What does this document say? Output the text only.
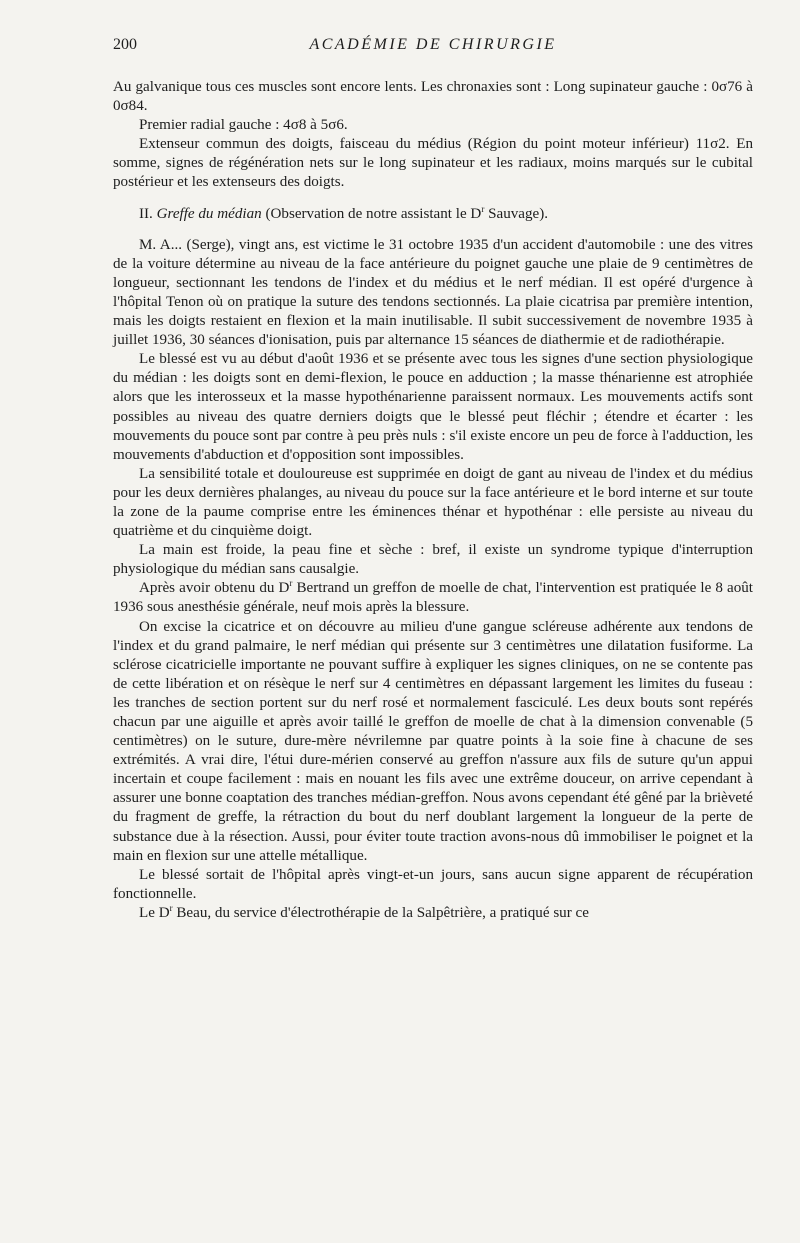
200	ACADÉMIE DE CHIRURGIE

Au galvanique tous ces muscles sont encore lents. Les chronaxies sont : Long supinateur gauche : 0σ76 à 0σ84.

Premier radial gauche : 4σ8 à 5σ6.

Extenseur commun des doigts, faisceau du médius (Région du point moteur inférieur) 11σ2. En somme, signes de régénération nets sur le long supinateur et les radiaux, moins marqués sur le cubital postérieur et les extenseurs des doigts.

II. Greffe du médian (Observation de notre assistant le $D^r$ Sauvage).

M. A... (Serge), vingt ans, est victime le 31 octobre 1935 d'un accident d'automobile : une des vitres de la voiture détermine au niveau de la face antérieure du poignet gauche une plaie de 9 centimètres de longueur, sectionnant les tendons de l'index et du médius et le nerf médian. Il est opéré d'urgence à l'hôpital Tenon où on pratique la suture des tendons sectionnés. La plaie cicatrisa par première intention, mais les doigts restaient en flexion et la main inutilisable. Il subit successivement de novembre 1935 à juillet 1936, 30 séances d'ionisation, puis par alternance 15 séances de diathermie et de radiothérapie.

Le blessé est vu au début d'août 1936 et se présente avec tous les signes d'une section physiologique du médian : les doigts sont en demi-flexion, le pouce en adduction ; la masse thénarienne est atrophiée alors que les interosseux et la masse hypothénarienne paraissent normaux. Les mouvements actifs sont possibles au niveau des quatre derniers doigts que le blessé peut fléchir ; étendre et écarter : les mouvements du pouce sont par contre à peu près nuls : s'il existe encore un peu de force à l'adduction, les mouvements d'abduction et d'opposition sont impossibles.

La sensibilité totale et douloureuse est supprimée en doigt de gant au niveau de l'index et du médius pour les deux dernières phalanges, au niveau du pouce sur la face antérieure et le bord interne et sur toute la zone de la paume comprise entre les éminences thénar et hypothénar : elle persiste au niveau du quatrième et du cinquième doigt.

La main est froide, la peau fine et sèche : bref, il existe un syndrome typique d'interruption physiologique du médian sans causalgie.

Après avoir obtenu du $D^r$ Bertrand un greffon de moelle de chat, l'intervention est pratiquée le 8 août 1936 sous anesthésie générale, neuf mois après la blessure.

On excise la cicatrice et on découvre au milieu d'une gangue scléreuse adhérente aux tendons de l'index et du grand palmaire, le nerf médian qui présente sur 3 centimètres une dilatation fusiforme. La sclérose cicatricielle importante ne pouvant suffire à expliquer les signes cliniques, on ne se contente pas de cette libération et on résèque le nerf sur 4 centimètres en dépassant largement les limites du fuseau : les tranches de section portent sur du nerf rosé et normalement fasciculé. Les deux bouts sont repérés chacun par une aiguille et après avoir taillé le greffon de moelle de chat à la dimension convenable (5 centimètres) on le suture, dure-mère névrilemne par quatre points à la soie fine à chacune de ses extrémités. A vrai dire, l'étui dure-mérien conservé au greffon n'assure aux fils de suture qu'un appui incertain et coupe facilement : mais en nouant les fils avec une extrême douceur, on arrive cependant à assurer une bonne coaptation des tranches médian-greffon. Nous avons cependant été gêné par la brièveté du fragment de greffe, la rétraction du bout du nerf doublant largement la longueur de la perte de substance due à la résection. Aussi, pour éviter toute traction avons-nous dû immobiliser le poignet et la main en flexion sur une attelle métallique.

Le blessé sortait de l'hôpital après vingt-et-un jours, sans aucun signe apparent de récupération fonctionnelle.

Le $D^r$ Beau, du service d'électrothérapie de la Salpêtrière, a pratiqué sur ce
